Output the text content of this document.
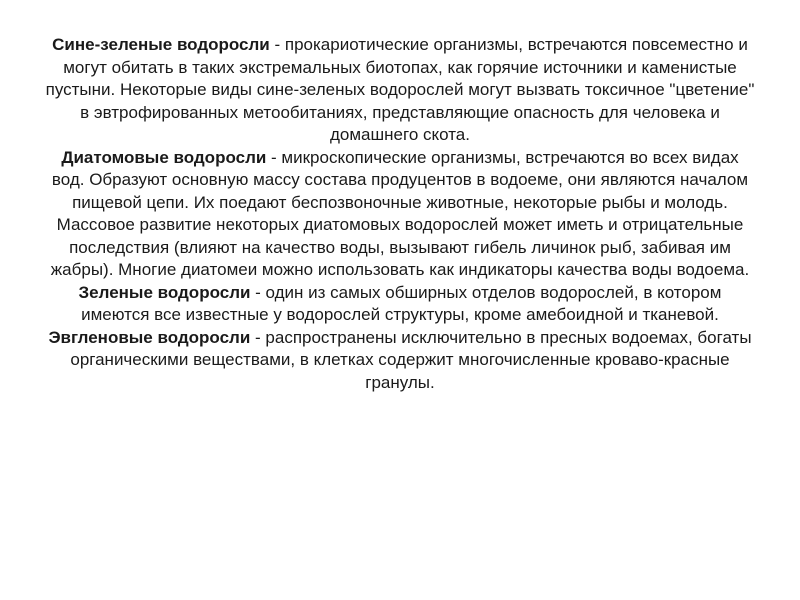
Сине-зеленые водоросли - прокариотические организмы, встречаются повсеместно и могут обитать в таких экстремальных биотопах, как горячие источники и каменистые пустыни. Некоторые виды сине-зеленых водорослей могут вызвать токсичное "цветение" в эвтрофированных метообитаниях, представляющие опасность для человека и домашнего скота.

Диатомовые водоросли - микроскопические организмы, встречаются во всех видах вод. Образуют основную массу состава продуцентов в водоеме, они являются началом пищевой цепи. Их поедают беспозвоночные животные, некоторые рыбы и молодь. Массовое развитие некоторых диатомовых водорослей может иметь и отрицательные последствия (влияют на качество воды, вызывают гибель личинок рыб, забивая им жабры). Многие диатомеи можно использовать как индикаторы качества воды водоема.

Зеленые водоросли - один из самых обширных отделов водорослей, в котором имеются все известные у водорослей структуры, кроме амебоидной и тканевой. Эвгленовые водоросли - распространены исключительно в пресных водоемах, богаты органическими веществами, в клетках содержит многочисленные кроваво-красные гранулы.
